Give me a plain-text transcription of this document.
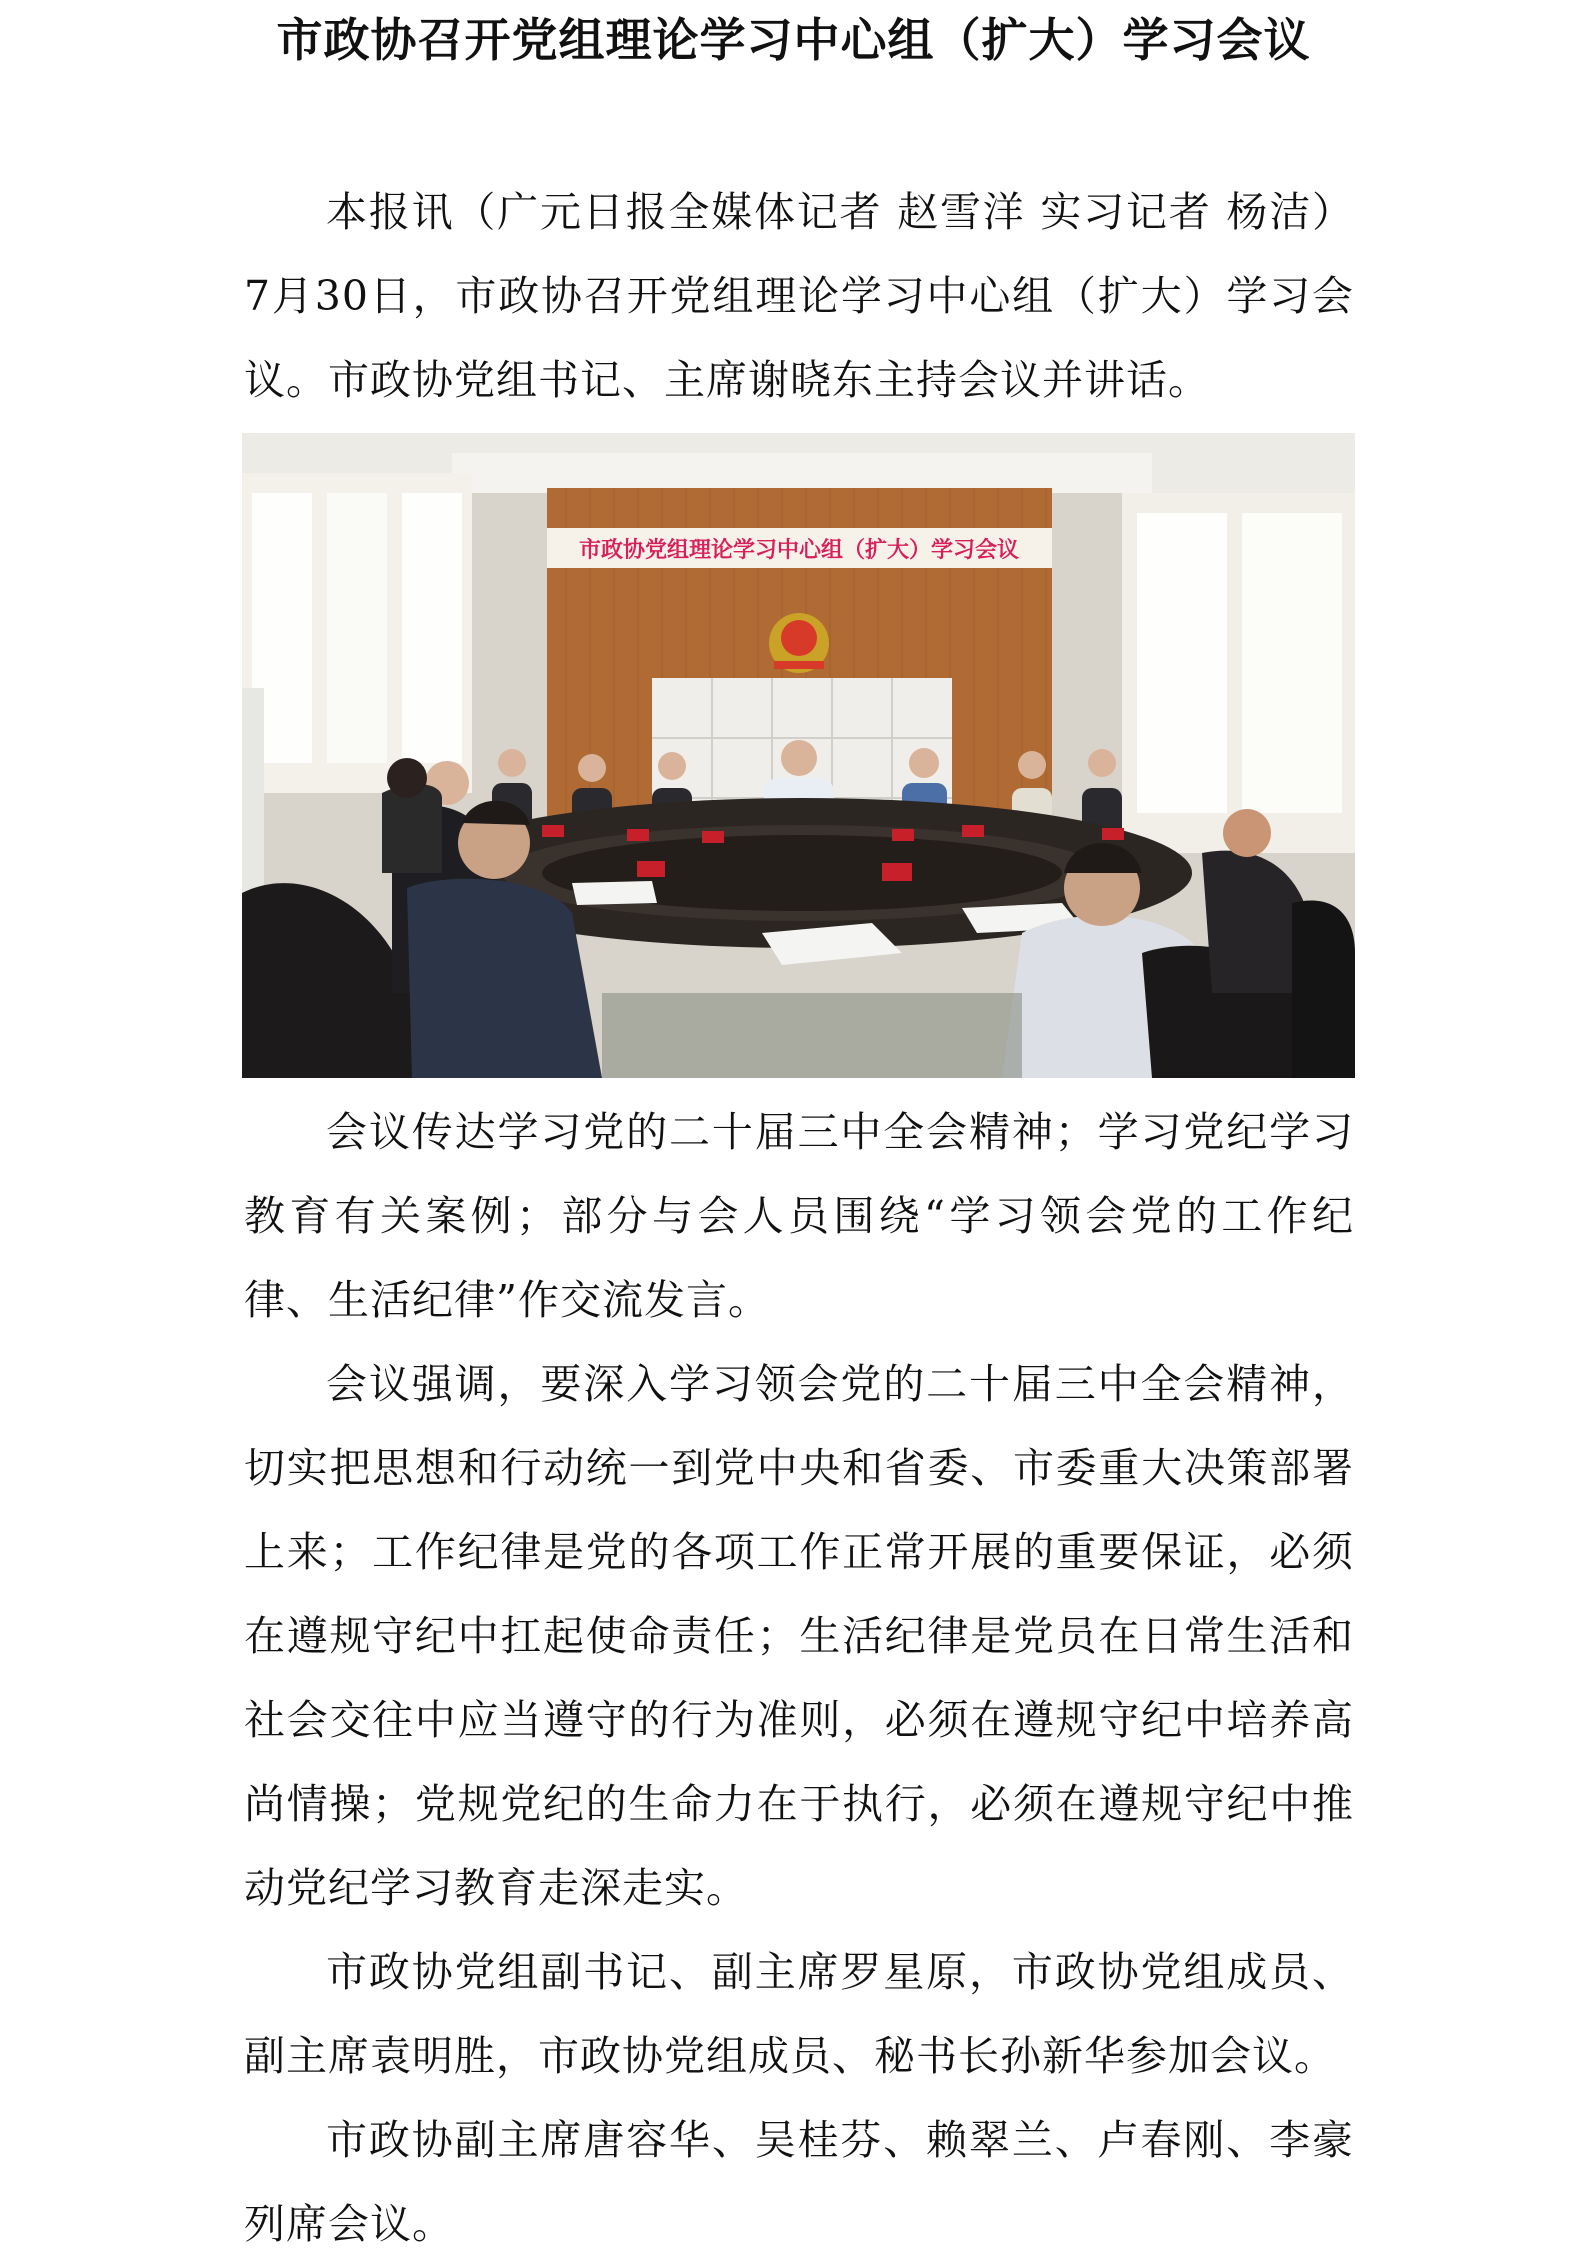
市政协召开党组理论学习中心组（扩大）学习会议

本报讯（广元日报全媒体记者 赵雪洋 实习记者 杨洁）7月30日，市政协召开党组理论学习中心组（扩大）学习会议。市政协党组书记、主席谢晓东主持会议并讲话。

市政协党组理论学习中心组（扩大）学习会议

会议传达学习党的二十届三中全会精神；学习党纪学习教育有关案例；部分与会人员围绕“学习领会党的工作纪律、生活纪律”作交流发言。

会议强调，要深入学习领会党的二十届三中全会精神，切实把思想和行动统一到党中央和省委、市委重大决策部署上来；工作纪律是党的各项工作正常开展的重要保证，必须在遵规守纪中扛起使命责任；生活纪律是党员在日常生活和社会交往中应当遵守的行为准则，必须在遵规守纪中培养高尚情操；党规党纪的生命力在于执行，必须在遵规守纪中推动党纪学习教育走深走实。

市政协党组副书记、副主席罗星原，市政协党组成员、副主席袁明胜，市政协党组成员、秘书长孙新华参加会议。

市政协副主席唐容华、吴桂芬、赖翠兰、卢春刚、李豪列席会议。
